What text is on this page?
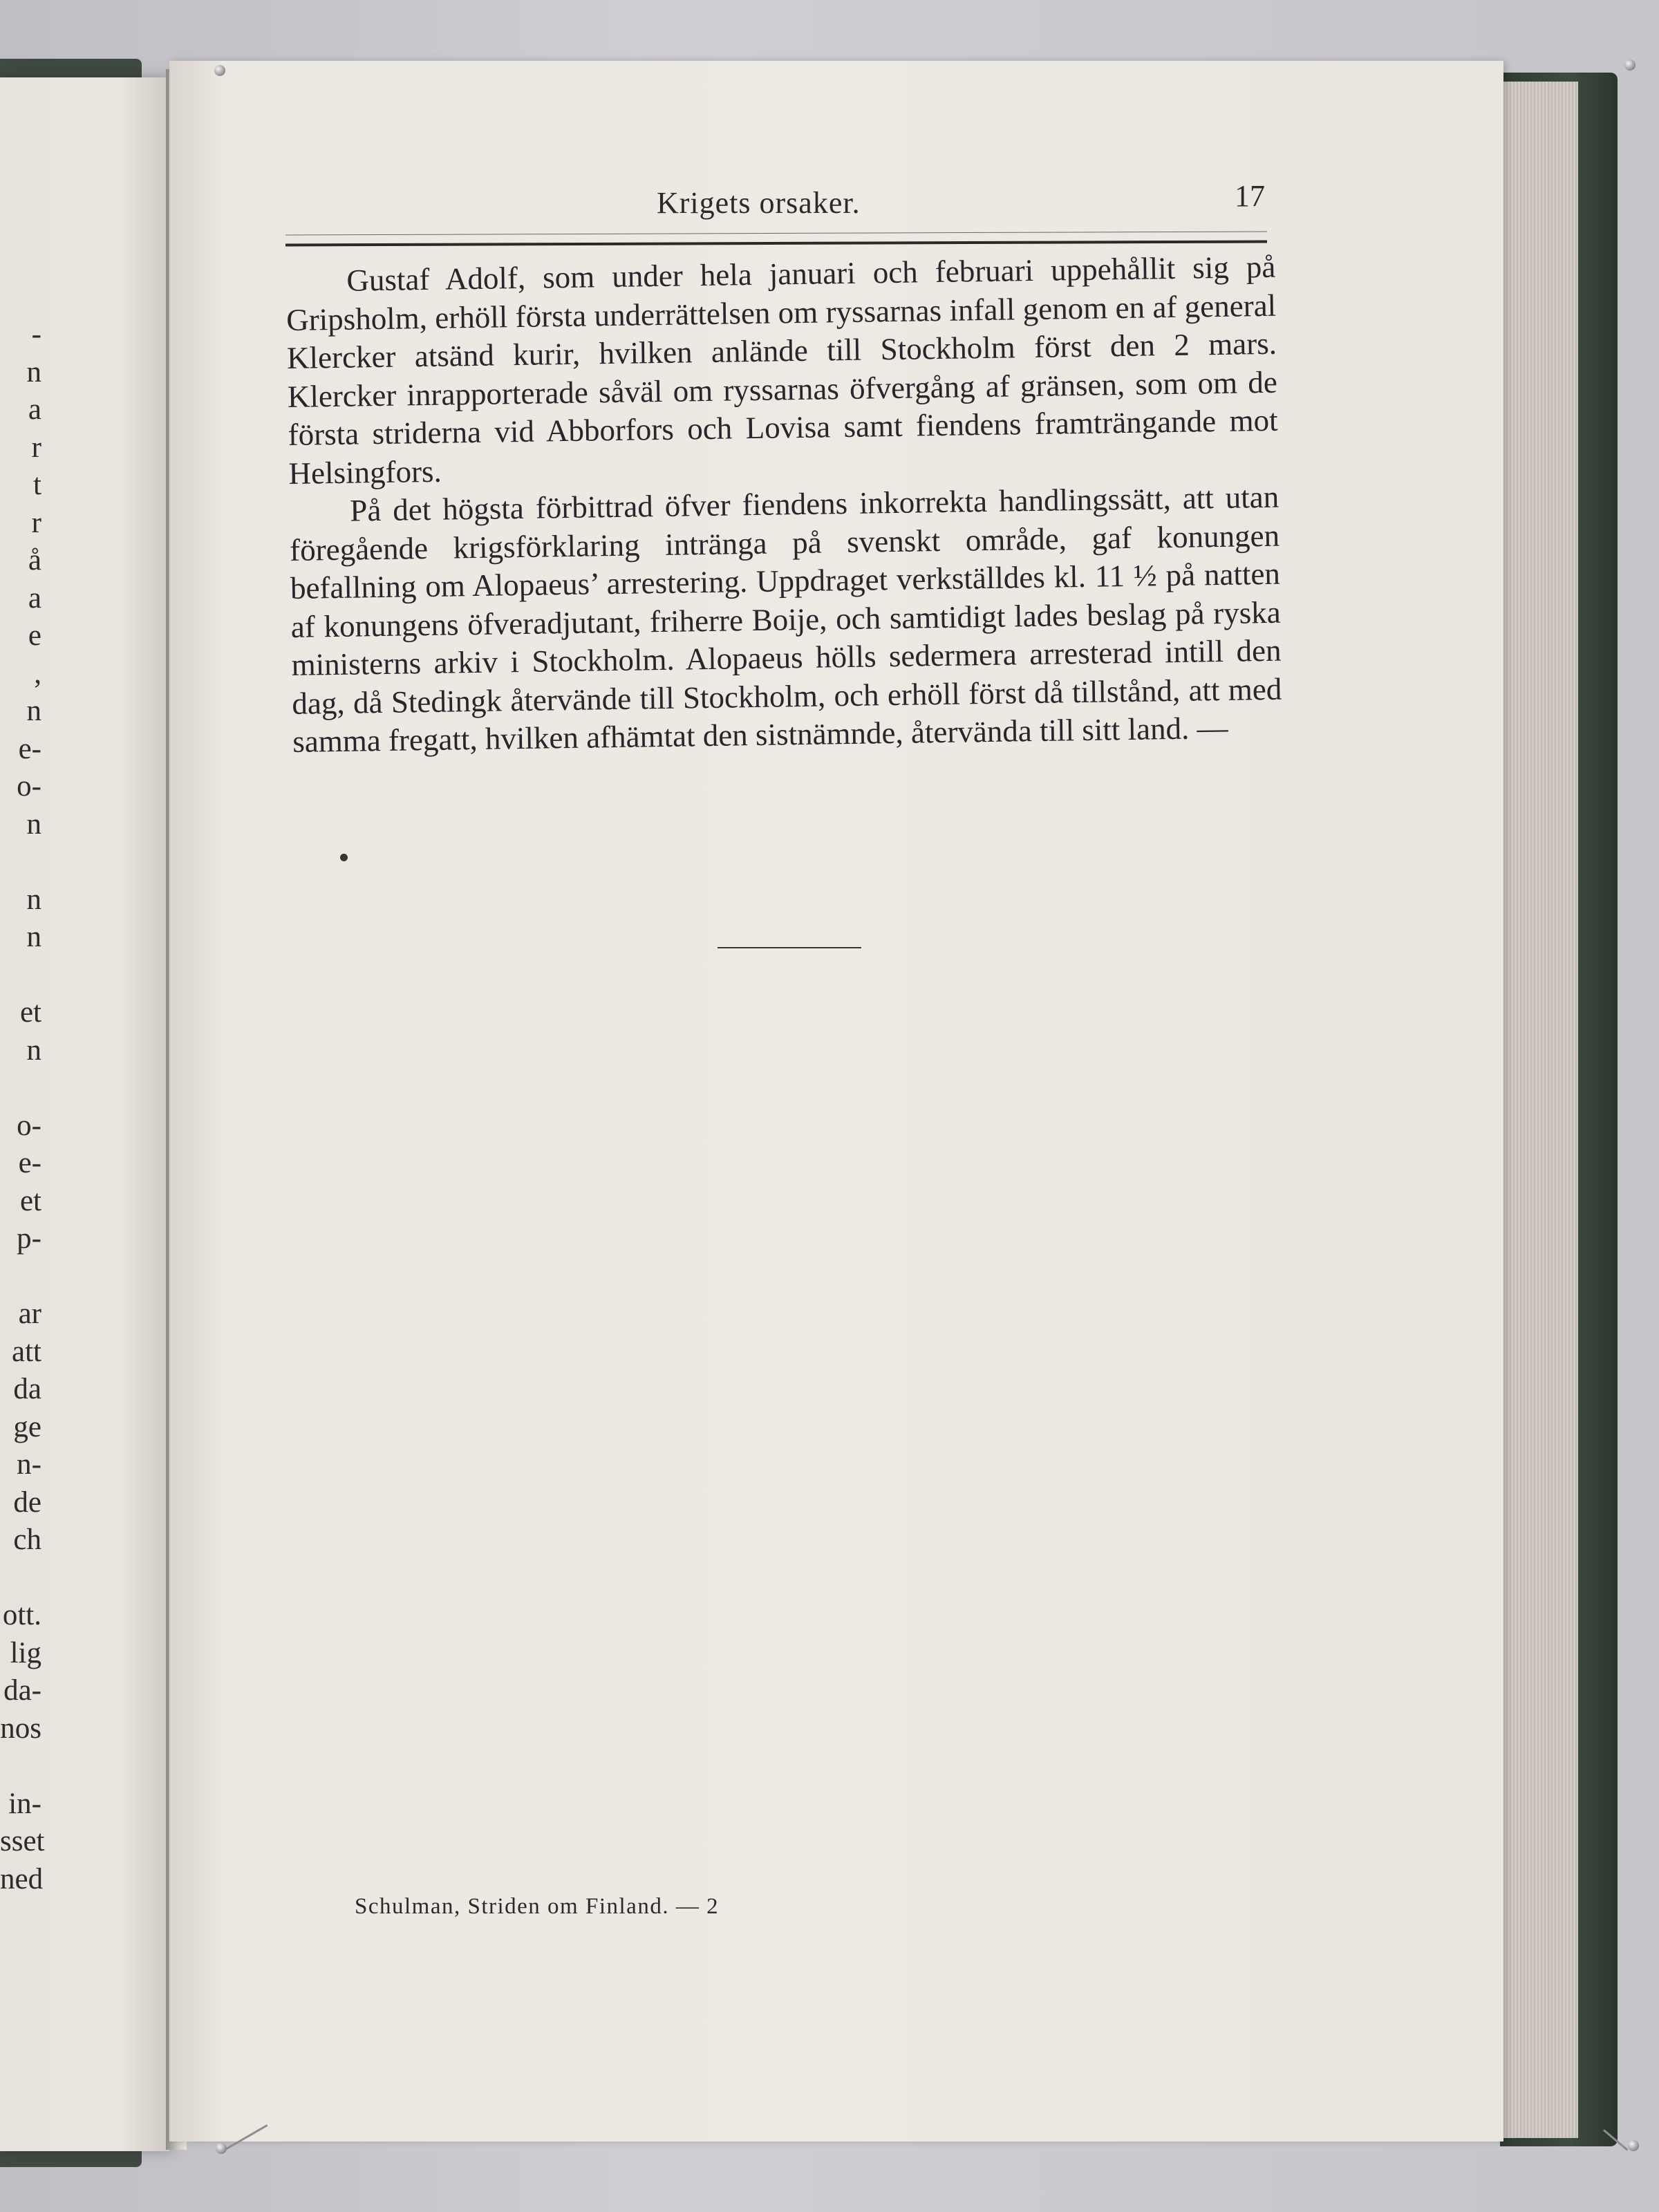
-
n
a
r
t
r
å
a
e
,
n
e-
o-
n
n
n
et
n
o-
e-
et
p-
ar
att
da
ge
n-
de
ch
ott.
lig
da-
nos
in-
sset
ned
Krigets orsaker.	17

Gustaf Adolf, som under hela januari och februari uppehållit sig på Gripsholm, erhöll första underrättelsen om ryssarnas infall genom en af general Klercker atsänd kurir, hvilken anlände till Stockholm först den 2 mars. Klercker inrapporterade såväl om ryssarnas öfvergång af gränsen, som om de första striderna vid Abborfors och Lovisa samt fiendens framträngande mot Helsingfors.

På det högsta förbittrad öfver fiendens inkorrekta handlingssätt, att utan föregående krigsförklaring intränga på svenskt område, gaf konungen befallning om Alopaeus’ arrestering. Uppdraget verkställdes kl. 11 ½ på natten af konungens öfveradjutant, friherre Boije, och samtidigt lades beslag på ryska ministerns arkiv i Stockholm. Alopaeus hölls sedermera arresterad intill den dag, då Stedingk återvände till Stockholm, och erhöll först då tillstånd, att med samma fregatt, hvilken afhämtat den sistnämnde, återvända till sitt land. —

Schulman, Striden om Finland. — 2
